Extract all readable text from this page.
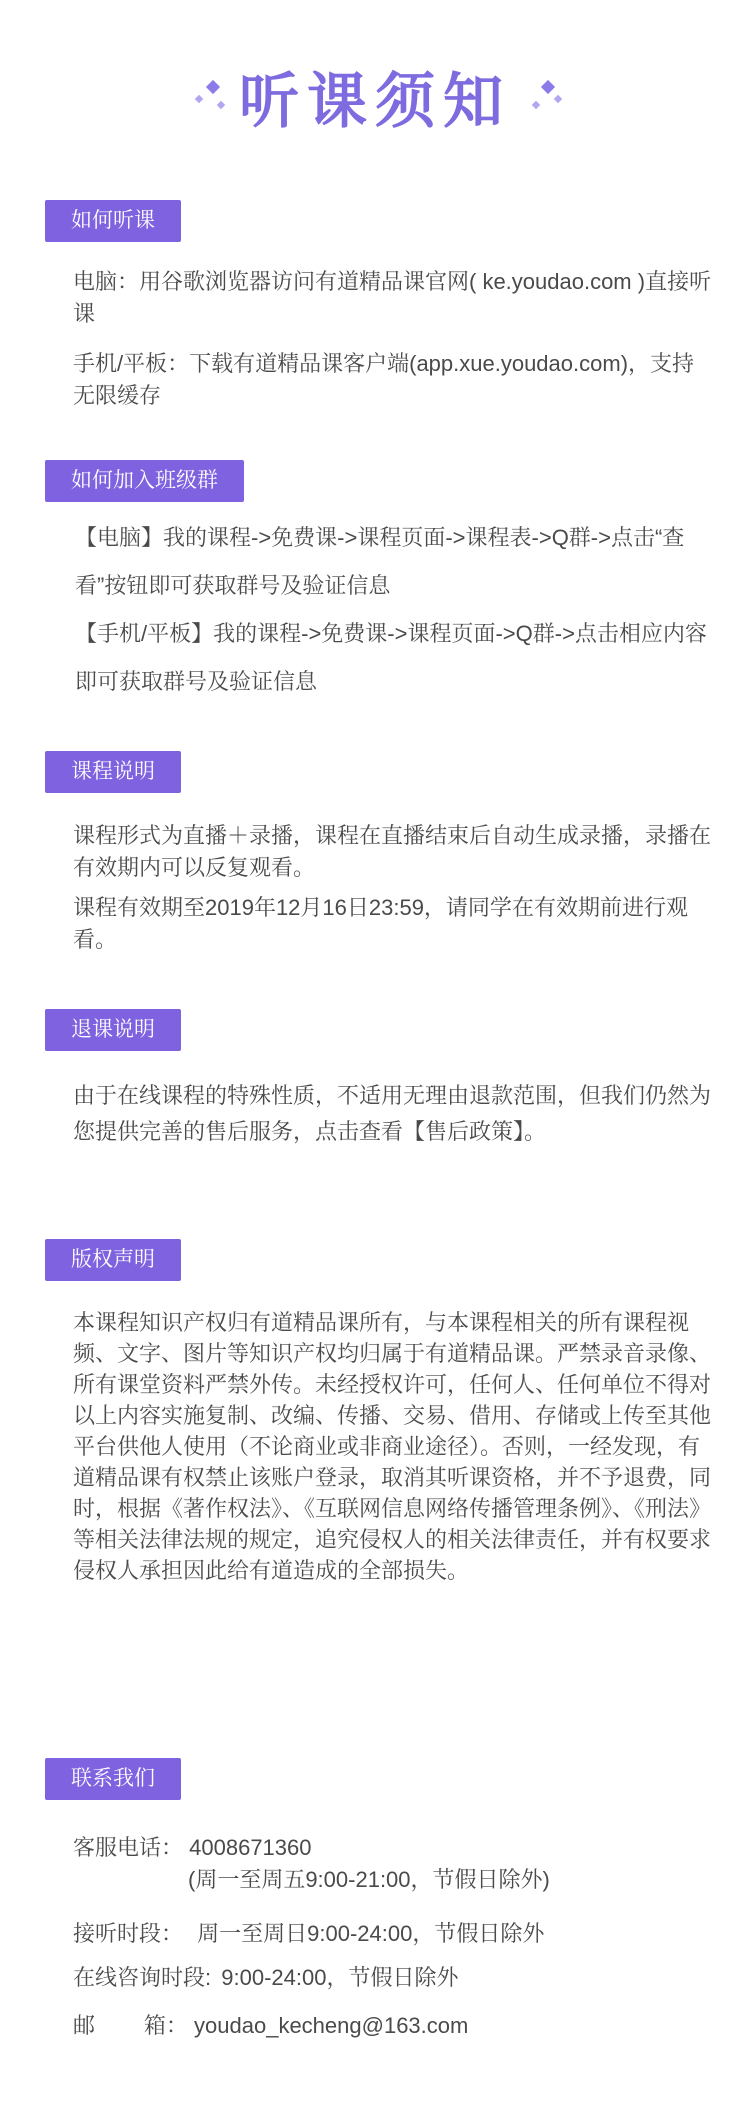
听课须知
如何听课
电脑：用谷歌浏览器访问有道精品课官网( ke.youdao.com )直接听课
手机/平板：下载有道精品课客户端(app.xue.youdao.com)，支持无限缓存
如何加入班级群
【电脑】我的课程->免费课->课程页面->课程表->Q群->点击“查看”按钮即可获取群号及验证信息
【手机/平板】我的课程->免费课->课程页面->Q群->点击相应内容即可获取群号及验证信息
课程说明
课程形式为直播＋录播，课程在直播结束后自动生成录播，录播在有效期内可以反复观看。
课程有效期至2019年12月16日23:59，请同学在有效期前进行观看。
退课说明
由于在线课程的特殊性质，不适用无理由退款范围，但我们仍然为您提供完善的售后服务，点击查看【售后政策】。
版权声明
本课程知识产权归有道精品课所有，与本课程相关的所有课程视频、文字、图片等知识产权均归属于有道精品课。严禁录音录像、所有课堂资料严禁外传。未经授权许可，任何人、任何单位不得对以上内容实施复制、改编、传播、交易、借用、存储或上传至其他平台供他人使用（不论商业或非商业途径）。否则，一经发现，有道精品课有权禁止该账户登录，取消其听课资格，并不予退费，同时，根据《著作权法》、《互联网信息网络传播管理条例》、《刑法》等相关法律法规的规定，追究侵权人的相关法律责任，并有权要求侵权人承担因此给有道造成的全部损失。
联系我们
客服电话： 4008671360
(周一至周五9:00-21:00，节假日除外)
接听时段： 周一至周日9:00-24:00，节假日除外
在线咨询时段: 9:00-24:00，节假日除外
邮        箱： youdao_kecheng@163.com
